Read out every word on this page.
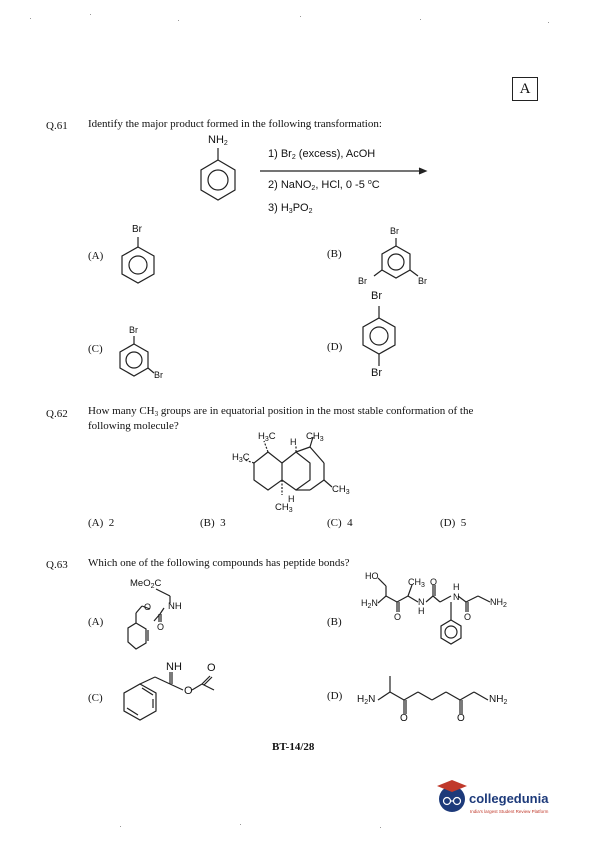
A
Q.61 Identify the major product formed in the following transformation:
$NH_2$
1) $Br_2$ (excess), AcOH
2) NaNO$_2$, HCl, 0 -5 $^o$C
3) $H_3PO_2$
(A)
Br
(B)
Br
Br	Br
(C)
Br
Br
(D)
Br
Br
Q.62 How many $CH_3$ groups are in equatorial position in the most stable conformation of the
following molecule?
$H_3C$ H $CH_3$
$H_3C$
$CH_3$
H
$CH_3$
(A) 2	(B) 3	(C) 4	(D) 5
Q.63 Which one of the following compounds has peptide bonds?
(A)
MeO$_2$C
NH
O
O	(B)
HO
$CH_3$ O
$H_2N$
O
N
H
N
H
O
$NH_2$
(C)
NH O
O	(D) $H_2N$
O	O
$NH_2$
BT-14/28
collegedunia
India's largest Student Review Platform
